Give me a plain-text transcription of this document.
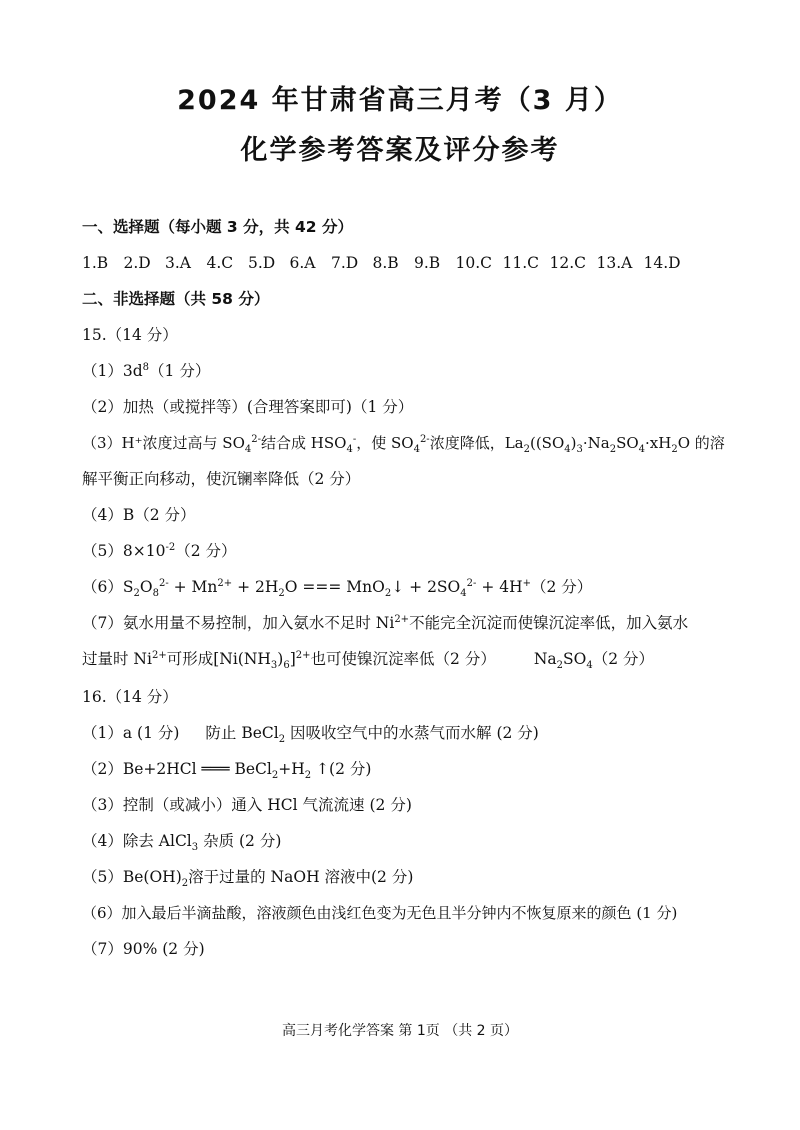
2024 年甘肃省高三月考（3 月）
化学参考答案及评分参考
一、选择题（每小题 3 分，共 42 分）
1.B 2.D 3.A	4.C 5.D 6.A	7.D 8.B 9.B 10.C 11.C 12.C 13.A 14.D
二、非选择题（共 58 分）
15.（14 分）
$(1)3d^8(1$ 分）
（2）加热（或搅拌等）(合理答案即可)（1 分）
（3）H⁺浓度过高与 $SO_4^{2-}$结合成 $HSO_4^-$，使 $SO_4^{2-}$浓度降低，$La_2((SO_4)_3\cdot Na_2SO_4\cdot xH_2O$ 的溶
解平衡正向移动，使沉镧率降低（2 分）
（4）B（2 分）
$(5)8\times 10^{-2}(2$ 分）
$(6)S_2O_8^{2-} + Mn^{2+} + 2H_2O$ === MnO$_2$↓ + $2SO_4^{2-} + 4H^+(2$ 分）
（7）氨水用量不易控制，加入氨水不足时 $Ni^{2+}$不能完全沉淀而使镍沉淀率低，加入氨水
过量时 $Ni^{2+}$可形成$[Ni(NH_3)_6]^{2+}$也可使镍沉淀率低（2 分） $Na_2SO_4(2$ 分）
16.（14 分）
（1）a (1 分) 防止 BeCl$_2$ 因吸收空气中的水蒸气而水解 (2 分)
（2）Be+2HCl ═══ $BeCl_2+H_2$ ↑(2 分)
（3）控制（或减小）通入 HCl 气流流速 (2 分)
（4）除去 AlCl$_3$ 杂质 (2 分)
$(5)Be(OH)_2$溶于过量的 NaOH 溶液中(2 分)
（6）加入最后半滴盐酸，溶液颜色由浅红色变为无色且半分钟内不恢复原来的颜色 (1 分)
（7）90% (2 分)
高三月考化学答案 第 1页 （共 2 页）
